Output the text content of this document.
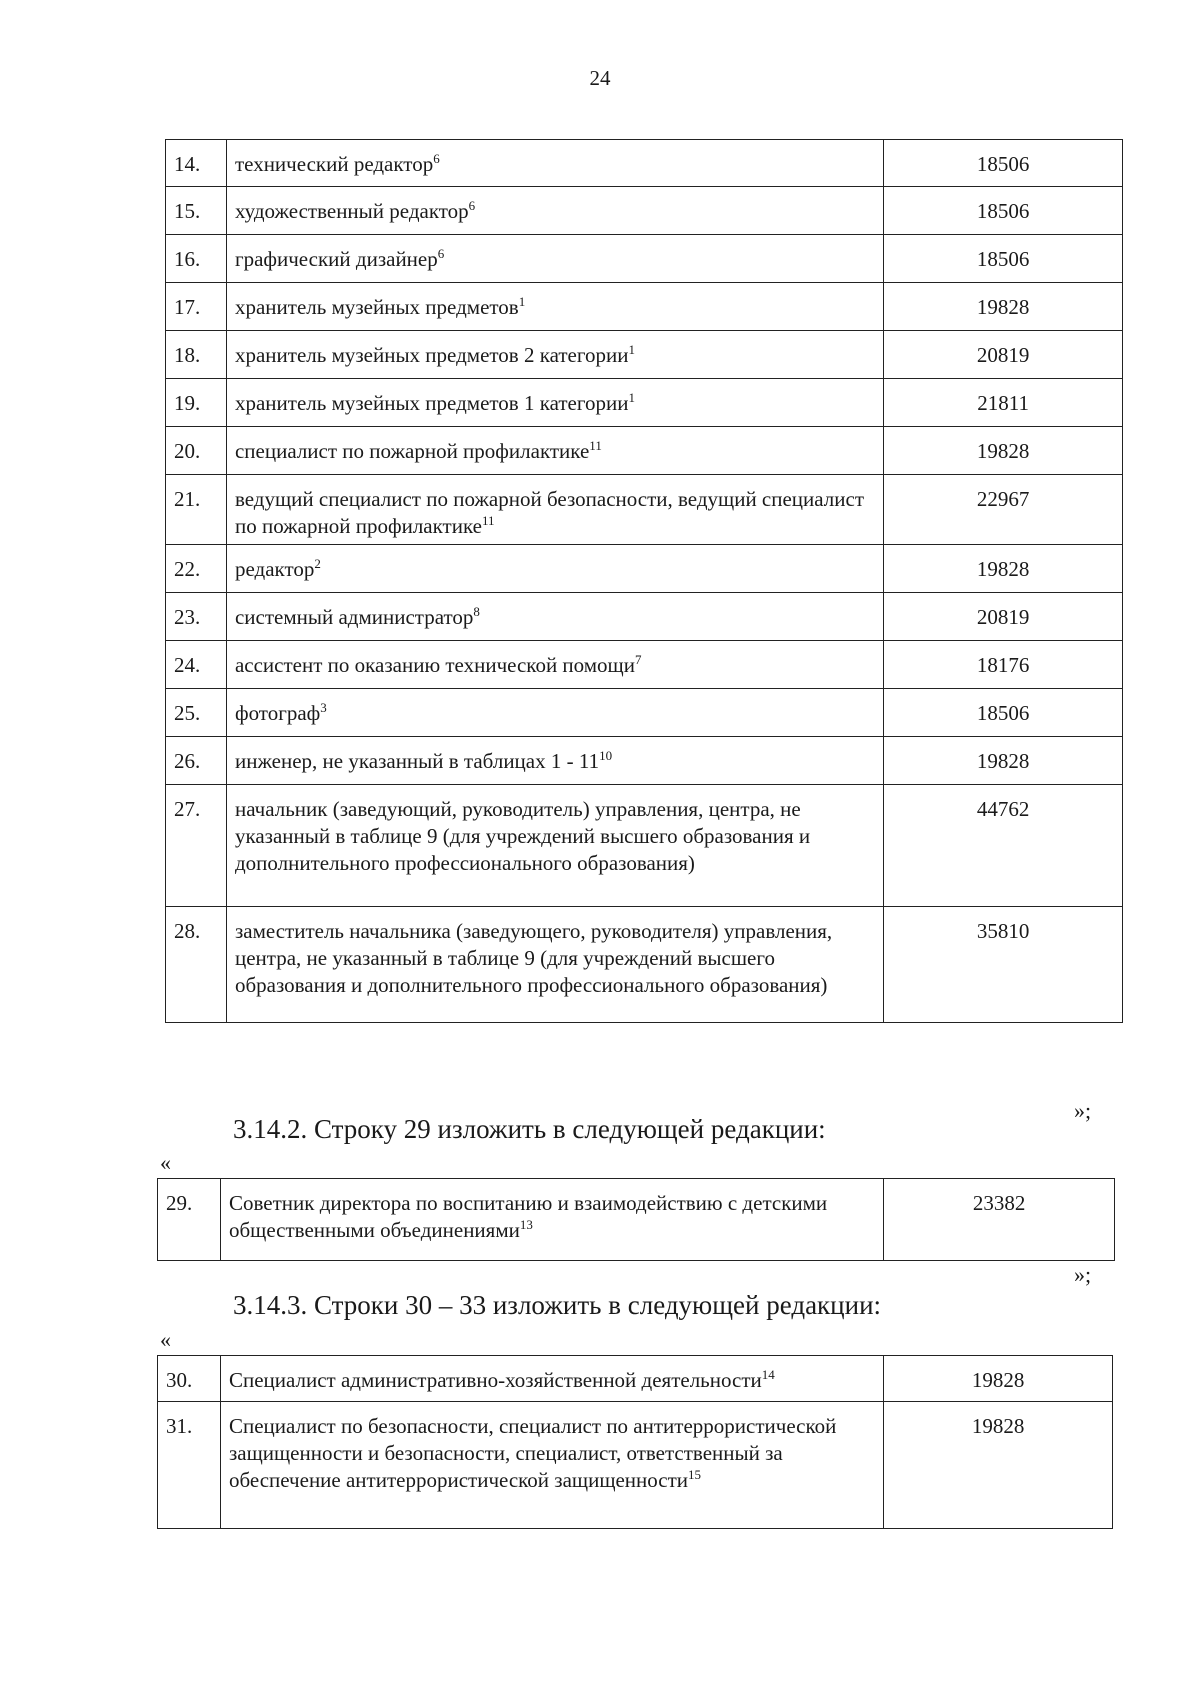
24
14.	технический редактор$^6$	18506
15.	художественный редактор$^6$	18506
16.	графический дизайнер$^6$	18506
17.	хранитель музейных предметов$^1$	19828
18.	хранитель музейных предметов 2 категории$^1$	20819
19.	хранитель музейных предметов 1 категории$^1$	21811
20.	специалист по пожарной профилактике$^{11}$	19828
21.	ведущий специалист по пожарной безопасности, ведущий специалист по пожарной профилактике$^{11}$	22967
22.	редактор$^2$	19828
23.	системный администратор$^8$	20819
24.	ассистент по оказанию технической помощи$^7$	18176
25.	фотограф$^3$	18506
26.	инженер, не указанный в таблицах $1 - 11^{10}$	19828
27.	начальник (заведующий, руководитель) управления, центра, не указанный в таблице 9 (для учреждений высшего образования и дополнительного профессионального образования)	44762
28.	заместитель начальника (заведующего, руководителя) управления, центра, не указанный в таблице 9 (для учреждений высшего образования и дополнительного профессионального образования)	35810
»;
3.14.2. Строку 29 изложить в следующей редакции:
«
29.	Советник директора по воспитанию и взаимодействию с детскими общественными объединениями$^{13}$	23382
»;
3.14.3. Строки 30 – 33 изложить в следующей редакции:
«
30.	Специалист административно-хозяйственной деятельности$^{14}$	19828
31.	Специалист по безопасности, специалист по антитеррористической защищенности и безопасности, специалист, ответственный за обеспечение антитеррористической защищенности$^{15}$	19828
